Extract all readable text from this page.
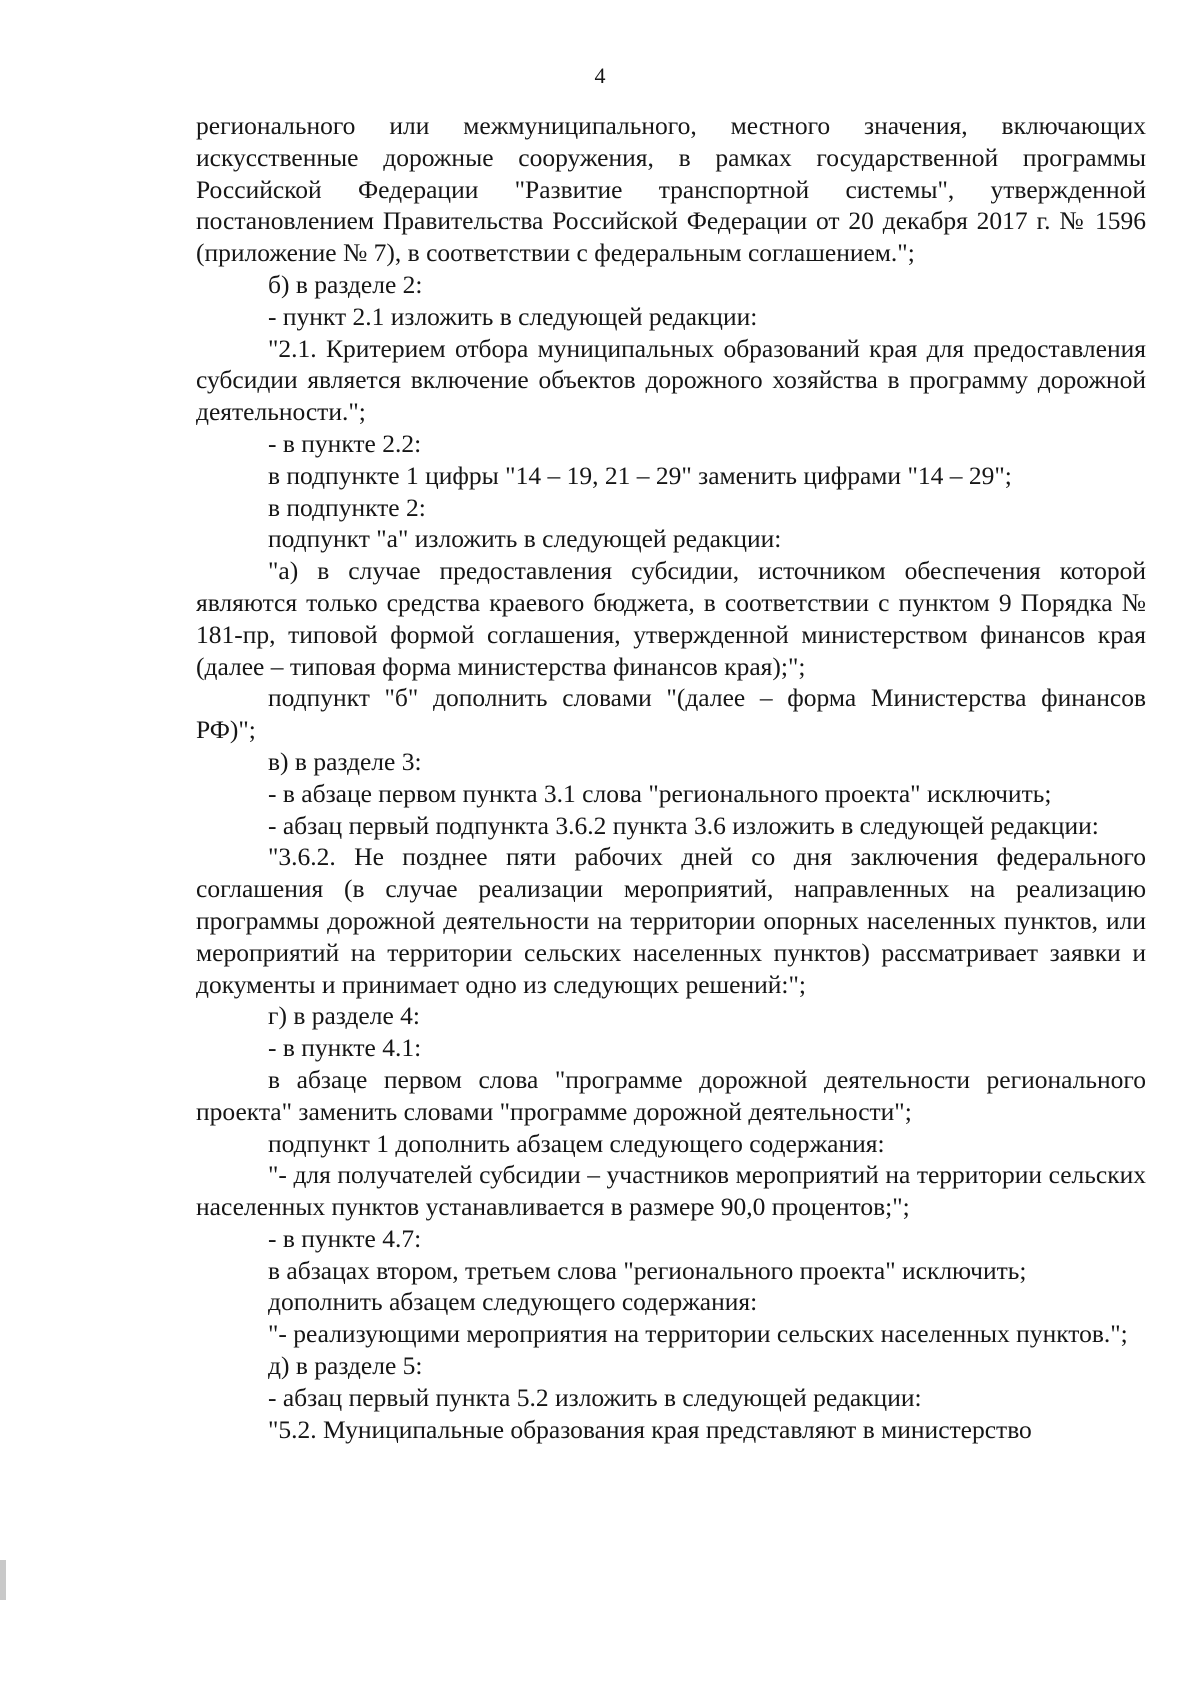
4

регионального или межмуниципального, местного значения, включающих искусственные дорожные сооружения, в рамках государственной программы Российской Федерации "Развитие транспортной системы", утвержденной постановлением Правительства Российской Федерации от 20 декабря 2017 г. № 1596 (приложение № 7), в соответствии с федеральным соглашением.";

б) в разделе 2:

- пункт 2.1 изложить в следующей редакции:

"2.1. Критерием отбора муниципальных образований края для предоставления субсидии является включение объектов дорожного хозяйства в программу дорожной деятельности.";

- в пункте 2.2:

в подпункте 1 цифры "14 – 19, 21 – 29" заменить цифрами "14 – 29";

в подпункте 2:

подпункт "а" изложить в следующей редакции:

"а) в случае предоставления субсидии, источником обеспечения которой являются только средства краевого бюджета, в соответствии с пунктом 9 Порядка № 181-пр, типовой формой соглашения, утвержденной министерством финансов края (далее – типовая форма министерства финансов края);";

подпункт "б" дополнить словами "(далее – форма Министерства финансов РФ)";

в) в разделе 3:

- в абзаце первом пункта 3.1 слова "регионального проекта" исключить;

- абзац первый подпункта 3.6.2 пункта 3.6 изложить в следующей редакции:

"3.6.2. Не позднее пяти рабочих дней со дня заключения федерального соглашения (в случае реализации мероприятий, направленных на реализацию программы дорожной деятельности на территории опорных населенных пунктов, или мероприятий на территории сельских населенных пунктов) рассматривает заявки и документы и принимает одно из следующих решений:";

г) в разделе 4:

- в пункте 4.1:

в абзаце первом слова "программе дорожной деятельности регионального проекта" заменить словами "программе дорожной деятельности";

подпункт 1 дополнить абзацем следующего содержания:

"- для получателей субсидии – участников мероприятий на территории сельских населенных пунктов устанавливается в размере 90,0 процентов;";

- в пункте 4.7:

в абзацах втором, третьем слова "регионального проекта" исключить;

дополнить абзацем следующего содержания:

"- реализующими мероприятия на территории сельских населенных пунктов.";

д) в разделе 5:

- абзац первый пункта 5.2 изложить в следующей редакции:

"5.2. Муниципальные образования края представляют в министерство
